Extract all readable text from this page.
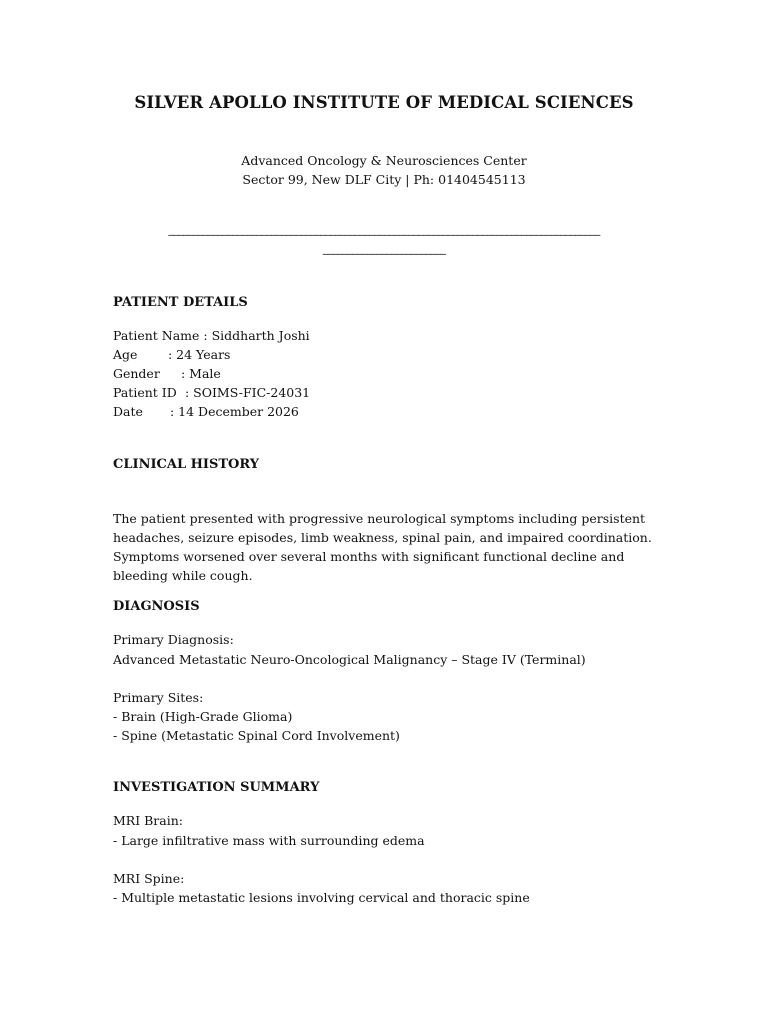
SILVER APOLLO INSTITUTE OF MEDICAL SCIENCES
Advanced Oncology & Neurosciences Center
Sector 99, New DLF City | Ph: 01404545113
________________________________________________________________________________________
_________________________
PATIENT DETAILS
Patient Name : Siddharth Joshi
Age : 24 Years
Gender : Male
Patient ID : SOIMS-FIC-24031
Date : 14 December 2026
CLINICAL HISTORY
The patient presented with progressive neurological symptoms including persistent headaches, seizure episodes, limb weakness, spinal pain, and impaired coordination. Symptoms worsened over several months with significant functional decline and bleeding while cough.
DIAGNOSIS
Primary Diagnosis:
Advanced Metastatic Neuro-Oncological Malignancy – Stage IV (Terminal)
Primary Sites:
- Brain (High-Grade Glioma)
- Spine (Metastatic Spinal Cord Involvement)
INVESTIGATION SUMMARY
MRI Brain:
- Large infiltrative mass with surrounding edema
MRI Spine:
- Multiple metastatic lesions involving cervical and thoracic spine
